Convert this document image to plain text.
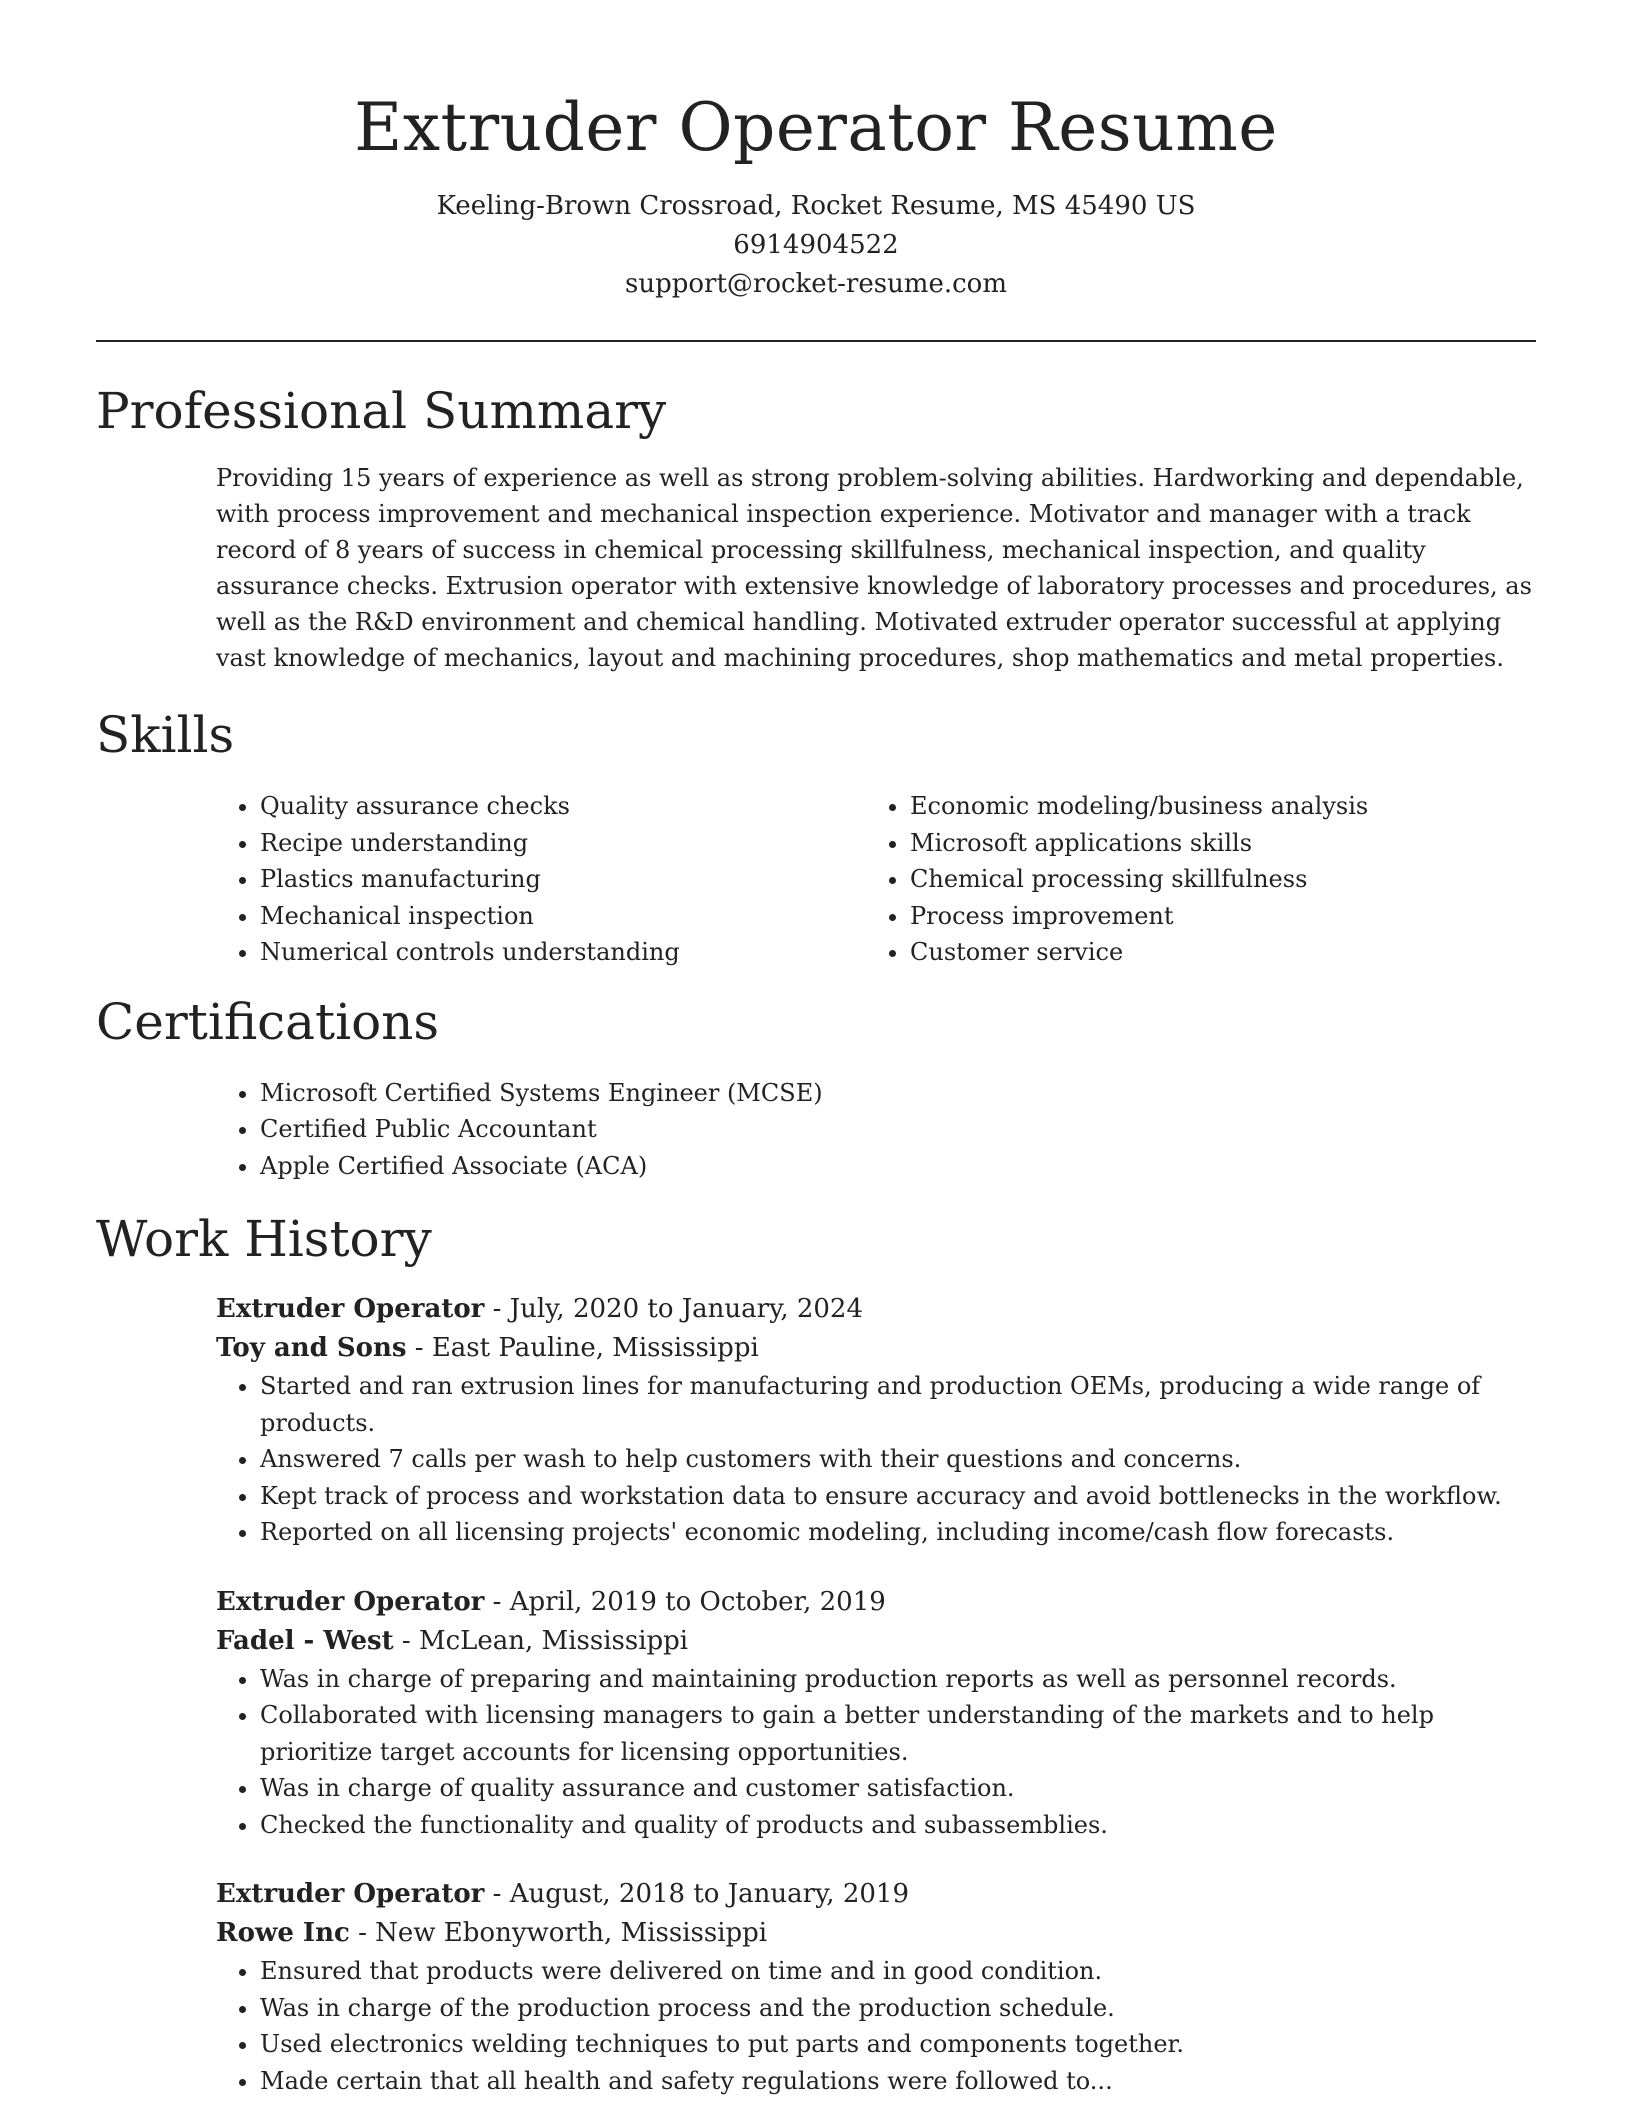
Extruder Operator Resume

Keeling-Brown Crossroad, Rocket Resume, MS 45490 US

6914904522

support@rocket-resume.com

Professional Summary

Providing 15 years of experience as well as strong problem-solving abilities. Hardworking and dependable, with process improvement and mechanical inspection experience. Motivator and manager with a track record of 8 years of success in chemical processing skillfulness, mechanical inspection, and quality assurance checks. Extrusion operator with extensive knowledge of laboratory processes and procedures, as well as the R&D environment and chemical handling. Motivated extruder operator successful at applying vast knowledge of mechanics, layout and machining procedures, shop mathematics and metal properties.

Skills
• Quality assurance checks
• Recipe understanding
• Plastics manufacturing
• Mechanical inspection
• Numerical controls understanding
• Economic modeling/business analysis
• Microsoft applications skills
• Chemical processing skillfulness
• Process improvement
• Customer service
Certifications
• Microsoft Certified Systems Engineer (MCSE)
• Certified Public Accountant
• Apple Certified Associate (ACA)
Work History

Extruder Operator - July, 2020 to January, 2024

Toy and Sons - East Pauline, Mississippi

• Started and ran extrusion lines for manufacturing and production OEMs, producing a wide range of products.
• Answered 7 calls per wash to help customers with their questions and concerns.
• Kept track of process and workstation data to ensure accuracy and avoid bottlenecks in the workflow.
• Reported on all licensing projects' economic modeling, including income/cash flow forecasts.

Extruder Operator - April, 2019 to October, 2019

Fadel - West - McLean, Mississippi

• Was in charge of preparing and maintaining production reports as well as personnel records.
• Collaborated with licensing managers to gain a better understanding of the markets and to help prioritize target accounts for licensing opportunities.
• Was in charge of quality assurance and customer satisfaction.
• Checked the functionality and quality of products and subassemblies.

Extruder Operator - August, 2018 to January, 2019

Rowe Inc - New Ebonyworth, Mississippi

• Ensured that products were delivered on time and in good condition.
• Was in charge of the production process and the production schedule.
• Used electronics welding techniques to put parts and components together.
• Made certain that all health and safety regulations were followed to...
